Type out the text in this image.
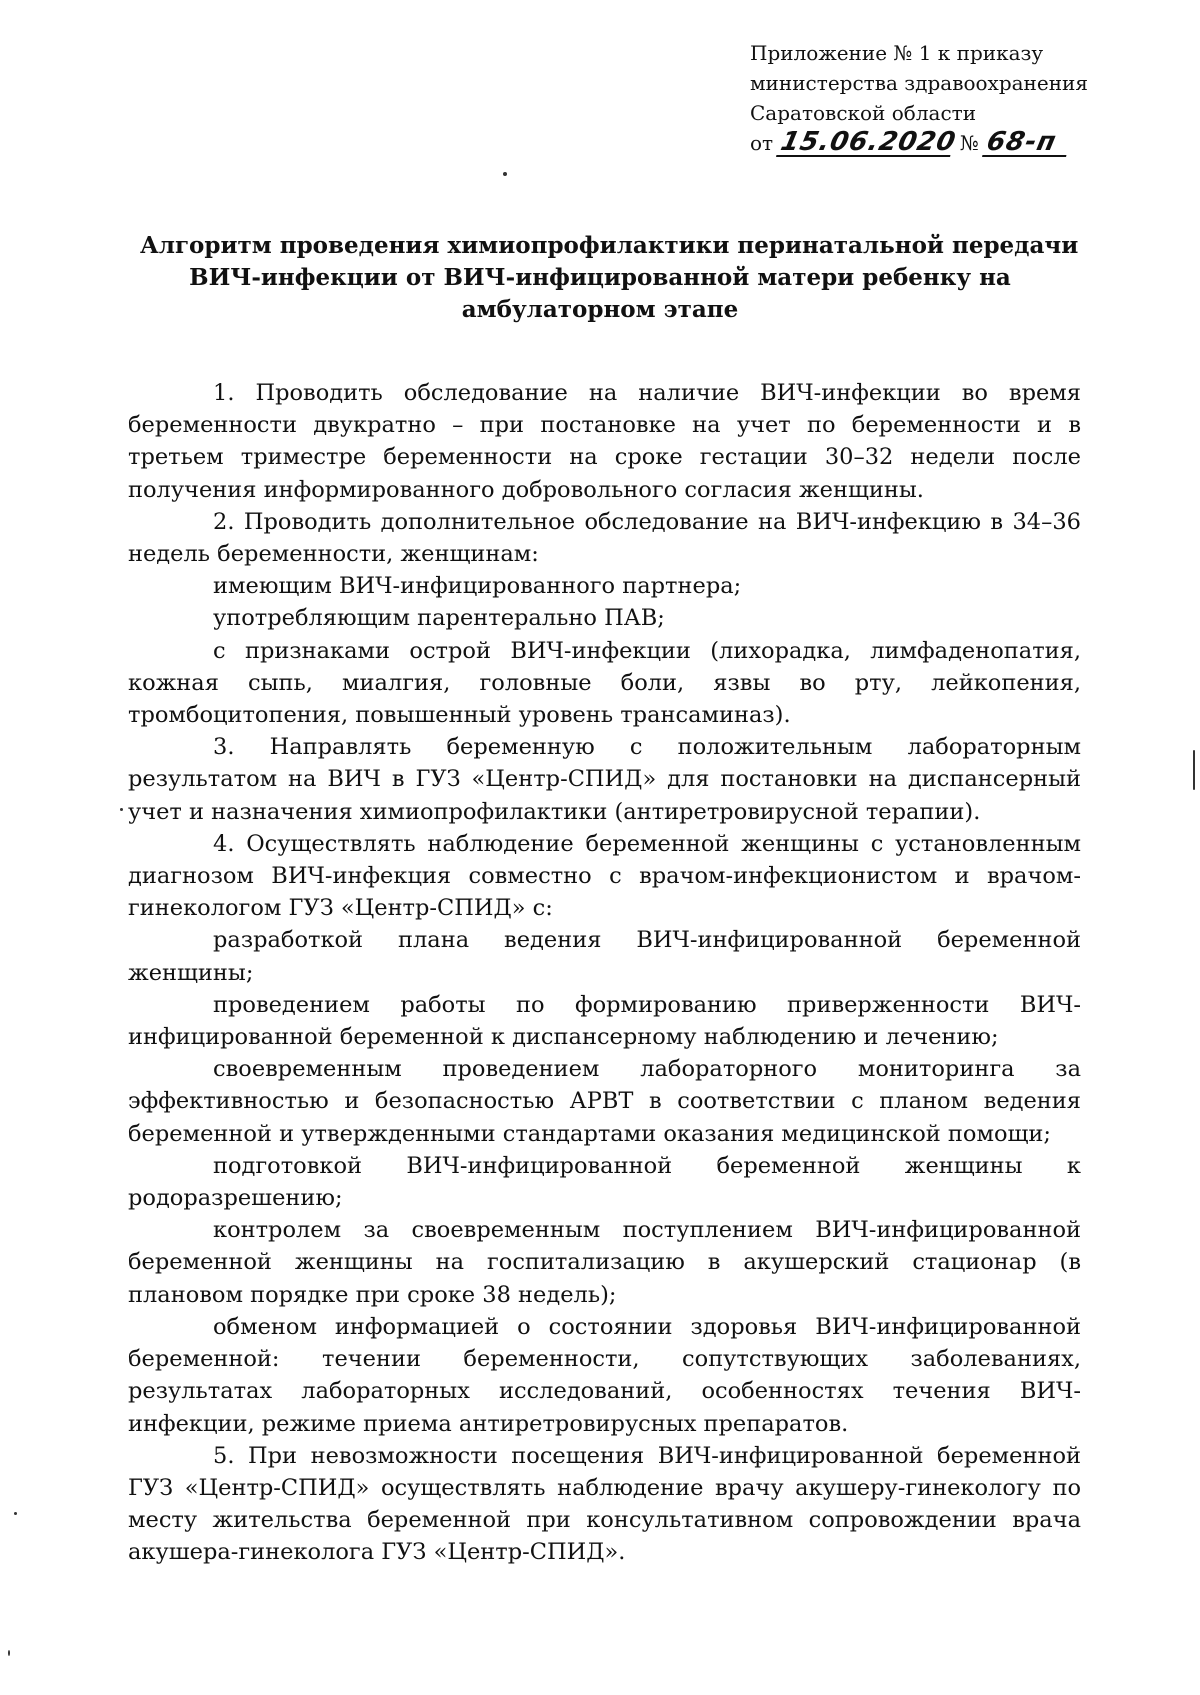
Приложение № 1 к приказу
министерства здравоохранения
Саратовской области
от 15.06.2020 № 68-п
Алгоритм проведения химиопрофилактики перинатальной передачи
ВИЧ-инфекции от ВИЧ-инфицированной матери ребенку на
амбулаторном этапе

1. Проводить обследование на наличие ВИЧ-инфекции во время беременности двукратно – при постановке на учет по беременности и в третьем триместре беременности на сроке гестации 30–32 недели после получения информированного добровольного согласия женщины.

2. Проводить дополнительное обследование на ВИЧ-инфекцию в 34–36 недель беременности, женщинам:

имеющим ВИЧ-инфицированного партнера;

употребляющим парентерально ПАВ;

с признаками острой ВИЧ-инфекции (лихорадка, лимфаденопатия, кожная сыпь, миалгия, головные боли, язвы во рту, лейкопения, тромбоцитопения, повышенный уровень трансаминаз).

3. Направлять беременную с положительным лабораторным результатом на ВИЧ в ГУЗ «Центр-СПИД» для постановки на диспансерный учет и назначения химиопрофилактики (антиретровирусной терапии).

4. Осуществлять наблюдение беременной женщины с установленным диагнозом ВИЧ-инфекция совместно с врачом-инфекционистом и врачом-гинекологом ГУЗ «Центр-СПИД» с:

разработкой плана ведения ВИЧ-инфицированной беременной женщины;

проведением работы по формированию приверженности ВИЧ-инфицированной беременной к диспансерному наблюдению и лечению;

своевременным проведением лабораторного мониторинга за эффективностью и безопасностью АРВТ в соответствии с планом ведения беременной и утвержденными стандартами оказания медицинской помощи;

подготовкой ВИЧ-инфицированной беременной женщины к родоразрешению;

контролем за своевременным поступлением ВИЧ-инфицированной беременной женщины на госпитализацию в акушерский стационар (в плановом порядке при сроке 38 недель);

обменом информацией о состоянии здоровья ВИЧ-инфицированной беременной: течении беременности, сопутствующих заболеваниях, результатах лабораторных исследований, особенностях течения ВИЧ-инфекции, режиме приема антиретровирусных препаратов.

5. При невозможности посещения ВИЧ-инфицированной беременной ГУЗ «Центр-СПИД» осуществлять наблюдение врачу акушеру-гинекологу по месту жительства беременной при консультативном сопровождении врача акушера-гинеколога ГУЗ «Центр-СПИД».
